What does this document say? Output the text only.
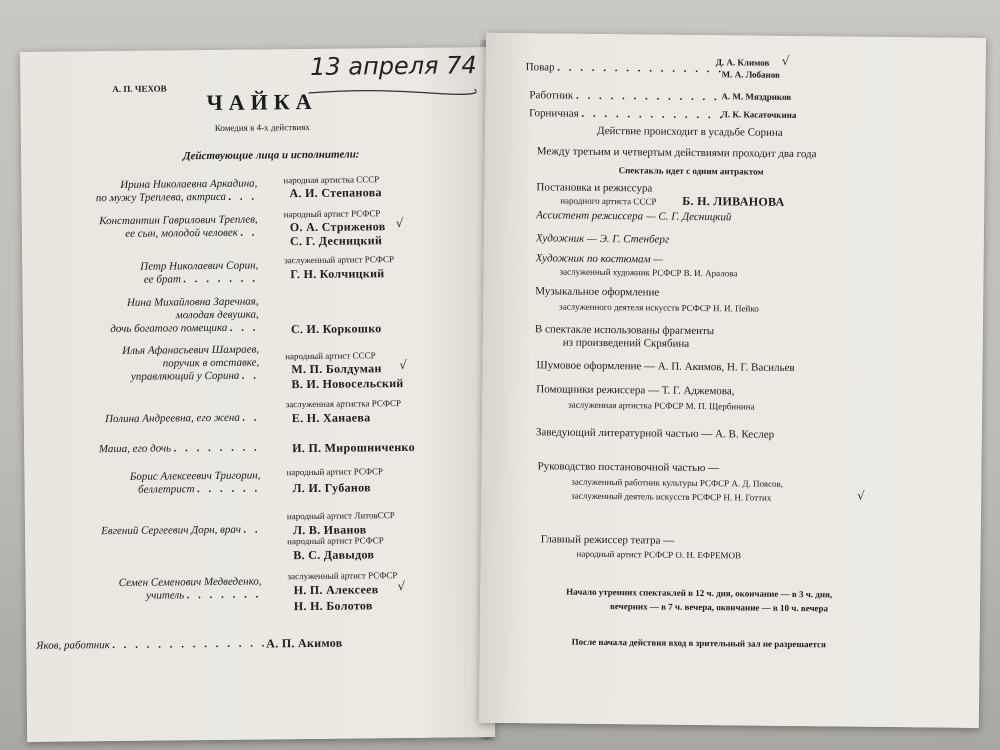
А. П. ЧЕХОВ
13 апреля 74
ЧАЙКА
Комедия в 4-х действиях
Действующие лица и исполнители:
Ирина Николаевна Аркадина,
по мужу Треплева, актриса . . .
народная артистка СССР
А. И. Степанова
Константин Гаврилович Треплев,
ее сын, молодой человек . .
народный артист РСФСР
О. А. Стриженов √
С. Г. Десницкий
Петр Николаевич Сорин,
ее брат . . . . . . .
заслуженный артист РСФСР
Г. Н. Колчицкий
Нина Михайловна Заречная,
молодая девушка,
дочь богатого помещика . . .	С. И. Коркошко
Илья Афанасьевич Шамраев,
поручик в отставке,
управляющий у Сорина . .
народный артист СССР
М. П. Болдуман √
В. И. Новосельский
Полина Андреевна, его жена . .
заслуженная артистка РСФСР
Е. Н. Ханаева
Маша, его дочь . . . . . . . .	И. П. Мирошниченко
Борис Алексеевич Тригорин,
беллетрист . . . . . .
народный артист РСФСР
Л. И. Губанов
Евгений Сергеевич Дорн, врач . .
народный артист ЛитовССР
Л. В. Иванов
народный артист РСФСР
В. С. Давыдов
Семен Семенович Медведенко,
учитель . . . . . . .
заслуженный артист РСФСР
Н. П. Алексеев √
Н. Н. Болотов
Яков, работник . . . . . . . . . . . . . .
А. П. Акимов
Повар . . . . . . . . . . . . . . .
Д. А. Климов √
М. А. Лобанов
Работник . . . . . . . . . . . . . А. М. Мяздриков
Горничная . . . . . . . . . . . . .
Л. К. Касаточкина
Действие происходит в усадьбе Сорина
Между третьим и четвертым действиями проходит два года
Спектакль идет с одним антрактом
Постановка и режиссура
народного артиста СССР Б. Н. ЛИВАНОВА
Ассистент режиссера — С. Г. Десницкий
Художник — Э. Г. Стенберг
Художник по костюмам —
заслуженный художник РСФСР В. И. Аралова
Музыкальное оформление
заслуженного деятеля искусств РСФСР Н. И. Пейко
В спектакле использованы фрагменты
из произведений Скрябина
Шумовое оформление — А. П. Акимов, Н. Г. Васильев
Помощники режиссера — Т. Г. Аджемова,
заслуженная артистка РСФСР М. П. Щербинина
Заведующий литературной частью — А. В. Кеслер
Руководство постановочной частью —
заслуженный работник культуры РСФСР А. Д. Поясов,
заслуженный деятель искусств РСФСР Н. Н. Готтих	√
Главный режиссер театра —
народный артист РСФСР О. Н. ЕФРЕМОВ
Начало утренних спектаклей в 12 ч. дня, окончание — в 3 ч. дня,
вечерних — в 7 ч. вечера, окончание — в 10 ч. вечера
После начала действия вход в зрительный зал не разрешается
